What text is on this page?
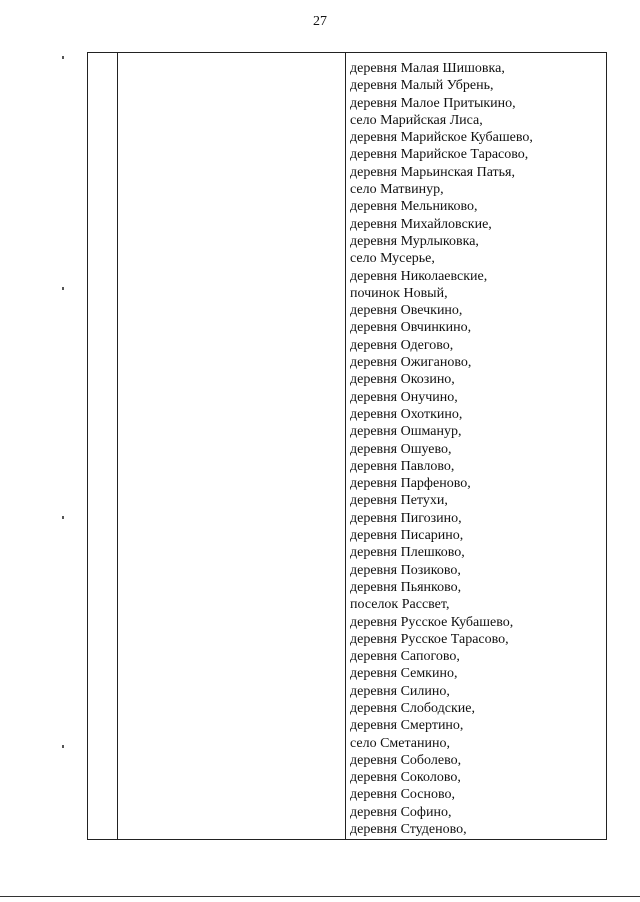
27
деревня Малая Шишовка,
деревня Малый Убрень,
деревня Малое Притыкино,
село Марийская Лиса,
деревня Марийское Кубашево,
деревня Марийское Тарасово,
деревня Марьинская Патья,
село Матвинур,
деревня Мельниково,
деревня Михайловские,
деревня Мурлыковка,
село Мусерье,
деревня Николаевские,
починок Новый,
деревня Овечкино,
деревня Овчинкино,
деревня Одегово,
деревня Ожиганово,
деревня Окозино,
деревня Онучино,
деревня Охоткино,
деревня Ошманур,
деревня Ошуево,
деревня Павлово,
деревня Парфеново,
деревня Петухи,
деревня Пигозино,
деревня Писарино,
деревня Плешково,
деревня Позиково,
деревня Пьянково,
поселок Рассвет,
деревня Русское Кубашево,
деревня Русское Тарасово,
деревня Сапогово,
деревня Семкино,
деревня Силино,
деревня Слободские,
деревня Смертино,
село Сметанино,
деревня Соболево,
деревня Соколово,
деревня Сосново,
деревня Софино,
деревня Студеново,
